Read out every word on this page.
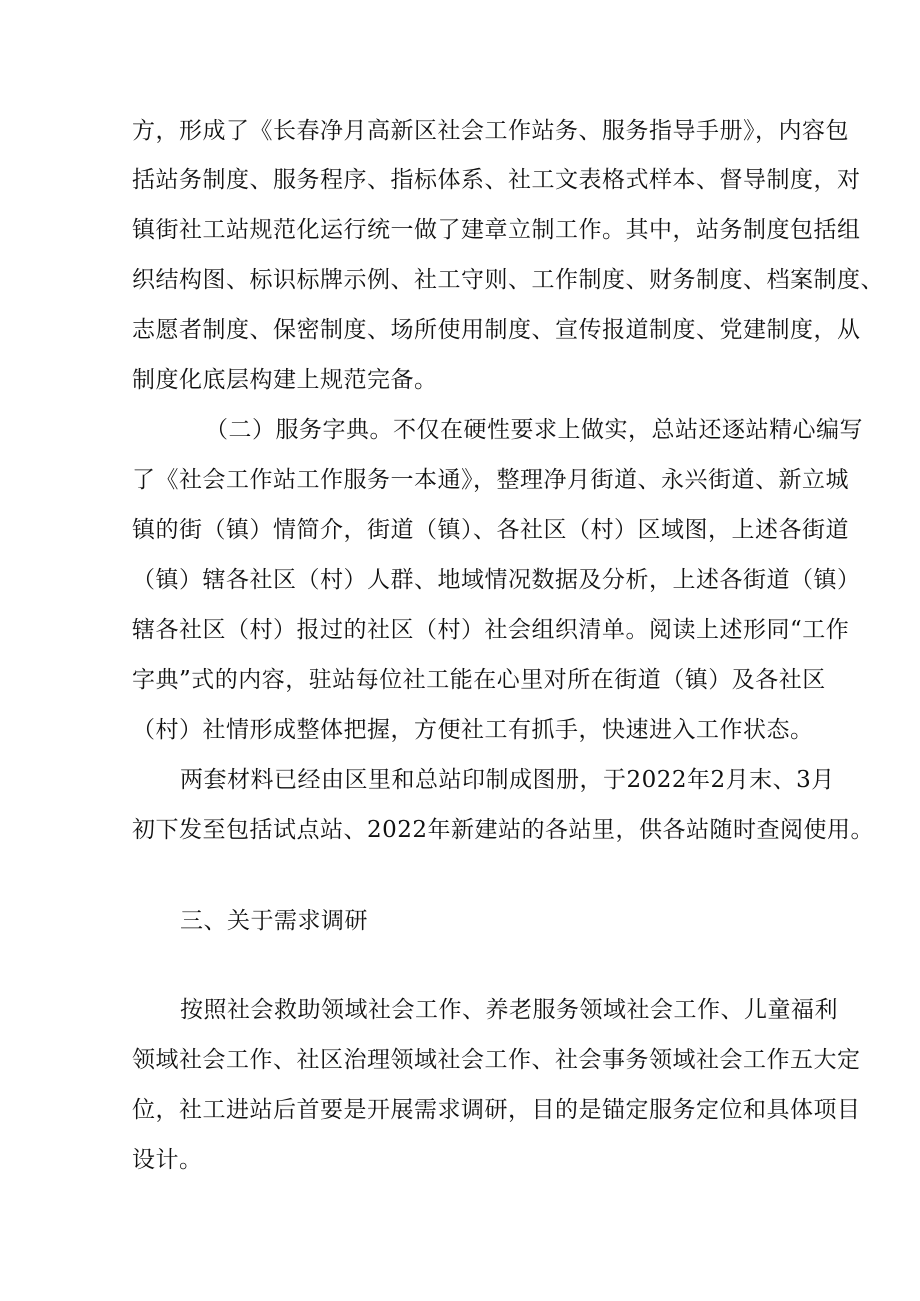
方，形成了《长春净月高新区社会工作站务、服务指导手册》，内容包
括站务制度、服务程序、指标体系、社工文表格式样本、督导制度，对
镇街社工站规范化运行统一做了建章立制工作。其中，站务制度包括组
织结构图、标识标牌示例、社工守则、工作制度、财务制度、档案制度、
志愿者制度、保密制度、场所使用制度、宣传报道制度、党建制度，从
制度化底层构建上规范完备。
（二）服务字典。不仅在硬性要求上做实，总站还逐站精心编写
了《社会工作站工作服务一本通》，整理净月街道、永兴街道、新立城
镇的街（镇）情简介，街道（镇）、各社区（村）区域图，上述各街道
（镇）辖各社区（村）人群、地域情况数据及分析，上述各街道（镇）
辖各社区（村）报过的社区（村）社会组织清单。阅读上述形同“工作
字典”式的内容，驻站每位社工能在心里对所在街道（镇）及各社区
（村）社情形成整体把握，方便社工有抓手，快速进入工作状态。
两套材料已经由区里和总站印制成图册，于2022年2月末、3月
初下发至包括试点站、2022年新建站的各站里，供各站随时查阅使用。
三、关于需求调研
按照社会救助领域社会工作、养老服务领域社会工作、儿童福利
领域社会工作、社区治理领域社会工作、社会事务领域社会工作五大定
位，社工进站后首要是开展需求调研，目的是锚定服务定位和具体项目
设计。
